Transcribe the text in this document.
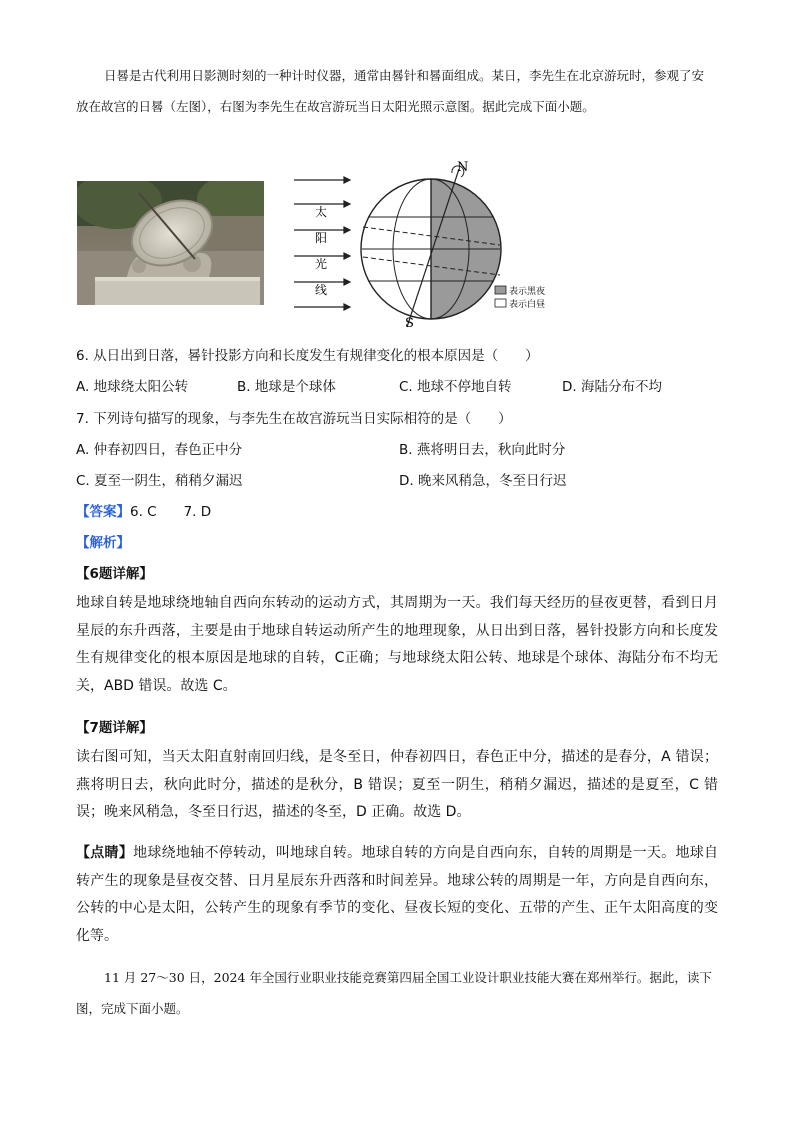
日晷是古代利用日影测时刻的一种计时仪器，通常由晷针和晷面组成。某日，李先生在北京游玩时，参观了安放在故宫的日晷（左图），右图为李先生在故宫游玩当日太阳光照示意图。据此完成下面小题。

太
阳
光
线
N
S
表示黑夜
表示白昼

6. 从日出到日落，晷针投影方向和长度发生有规律变化的根本原因是（　　）

A. 地球绕太阳公转	B. 地球是个球体	C. 地球不停地自转	D. 海陆分布不均

7. 下列诗句描写的现象，与李先生在故宫游玩当日实际相符的是（　　）

A. 仲春初四日，春色正中分	B. 燕将明日去，秋向此时分

C. 夏至一阴生，稍稍夕漏迟	D. 晚来风稍急，冬至日行迟

【答案】6. C　　7. D

【解析】

【6题详解】

地球自转是地球绕地轴自西向东转动的运动方式，其周期为一天。我们每天经历的昼夜更替，看到日月星辰的东升西落，主要是由于地球自转运动所产生的地理现象，从日出到日落，晷针投影方向和长度发生有规律变化的根本原因是地球的自转，C正确；与地球绕太阳公转、地球是个球体、海陆分布不均无关，ABD 错误。故选 C。

【7题详解】

读右图可知，当天太阳直射南回归线，是冬至日，仲春初四日，春色正中分，描述的是春分，A 错误；燕将明日去，秋向此时分，描述的是秋分，B 错误；夏至一阴生，稍稍夕漏迟，描述的是夏至，C 错误；晚来风稍急，冬至日行迟，描述的冬至，D 正确。故选 D。

【点睛】地球绕地轴不停转动，叫地球自转。地球自转的方向是自西向东，自转的周期是一天。地球自转产生的现象是昼夜交替、日月星辰东升西落和时间差异。地球公转的周期是一年，方向是自西向东，公转的中心是太阳，公转产生的现象有季节的变化、昼夜长短的变化、五带的产生、正午太阳高度的变化等。

11 月 27～30 日，2024 年全国行业职业技能竞赛第四届全国工业设计职业技能大赛在郑州举行。据此，读下图，完成下面小题。
